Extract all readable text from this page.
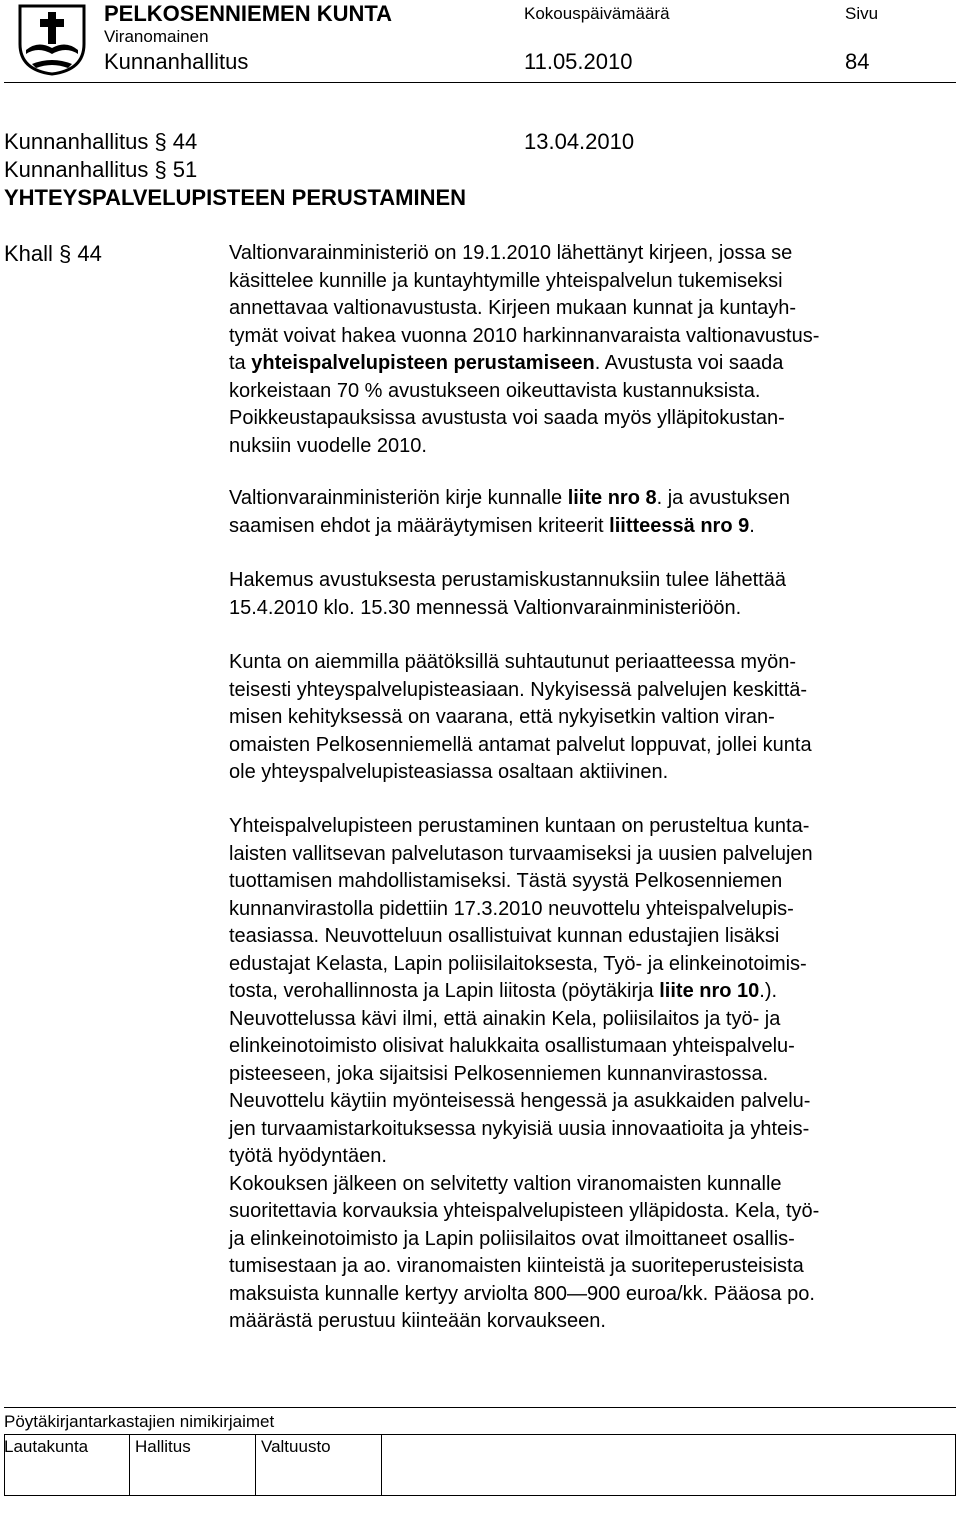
PELKOSENNIEMEN KUNTA	Kokouspäivämäärä	Sivu
Viranomainen
Kunnanhallitus	11.05.2010	84
Kunnanhallitus § 44	13.04.2010
Kunnanhallitus § 51
YHTEYSPALVELUPISTEEN PERUSTAMINEN
Khall § 44	Valtionvarainministeriö on 19.1.2010 lähettänyt kirjeen, jossa se
käsittelee kunnille ja kuntayhtymille yhteispalvelun tukemiseksi
annettavaa valtionavustusta. Kirjeen mukaan kunnat ja kuntayh-
tymät voivat hakea vuonna 2010 harkinnanvaraista valtionavustus-
ta yhteispalvelupisteen perustamiseen. Avustusta voi saada
korkeistaan 70 % avustukseen oikeuttavista kustannuksista.
Poikkeustapauksissa avustusta voi saada myös ylläpitokustan-
nuksiin vuodelle 2010.
Valtionvarainministeriön kirje kunnalle liite nro 8. ja avustuksen
saamisen ehdot ja määräytymisen kriteerit liitteessä nro 9.
Hakemus avustuksesta perustamiskustannuksiin tulee lähettää
15.4.2010 klo. 15.30 mennessä Valtionvarainministeriöön.
Kunta on aiemmilla päätöksillä suhtautunut periaatteessa myön-
teisesti yhteyspalvelupisteasiaan. Nykyisessä palvelujen keskittä-
misen kehityksessä on vaarana, että nykyisetkin valtion viran-
omaisten Pelkosenniemellä antamat palvelut loppuvat, jollei kunta
ole yhteyspalvelupisteasiassa osaltaan aktiivinen.
Yhteispalvelupisteen perustaminen kuntaan on perusteltua kunta-
laisten vallitsevan palvelutason turvaamiseksi ja uusien palvelujen
tuottamisen mahdollistamiseksi. Tästä syystä Pelkosenniemen
kunnanvirastolla pidettiin 17.3.2010 neuvottelu yhteispalvelupis-
teasiassa. Neuvotteluun osallistuivat kunnan edustajien lisäksi
edustajat Kelasta, Lapin poliisilaitoksesta, Työ- ja elinkeinotoimis-
tosta, verohallinnosta ja Lapin liitosta (pöytäkirja liite nro 10.).
Neuvottelussa kävi ilmi, että ainakin Kela, poliisilaitos ja työ- ja
elinkeinotoimisto olisivat halukkaita osallistumaan yhteispalvelu-
pisteeseen, joka sijaitsisi Pelkosenniemen kunnanvirastossa.
Neuvottelu käytiin myönteisessä hengessä ja asukkaiden palvelu-
jen turvaamistarkoituksessa nykyisiä uusia innovaatioita ja yhteis-
työtä hyödyntäen.
Kokouksen jälkeen on selvitetty valtion viranomaisten kunnalle
suoritettavia korvauksia yhteispalvelupisteen ylläpidosta. Kela, työ-
ja elinkeinotoimisto ja Lapin poliisilaitos ovat ilmoittaneet osallis-
tumisestaan ja ao. viranomaisten kiinteistä ja suoriteperusteisista
maksuista kunnalle kertyy arviolta 800—900 euroa/kk. Pääosa po.
määrästä perustuu kiinteään korvaukseen.
Pöytäkirjantarkastajien nimikirjaimet
Lautakunta	Hallitus	Valtuusto
